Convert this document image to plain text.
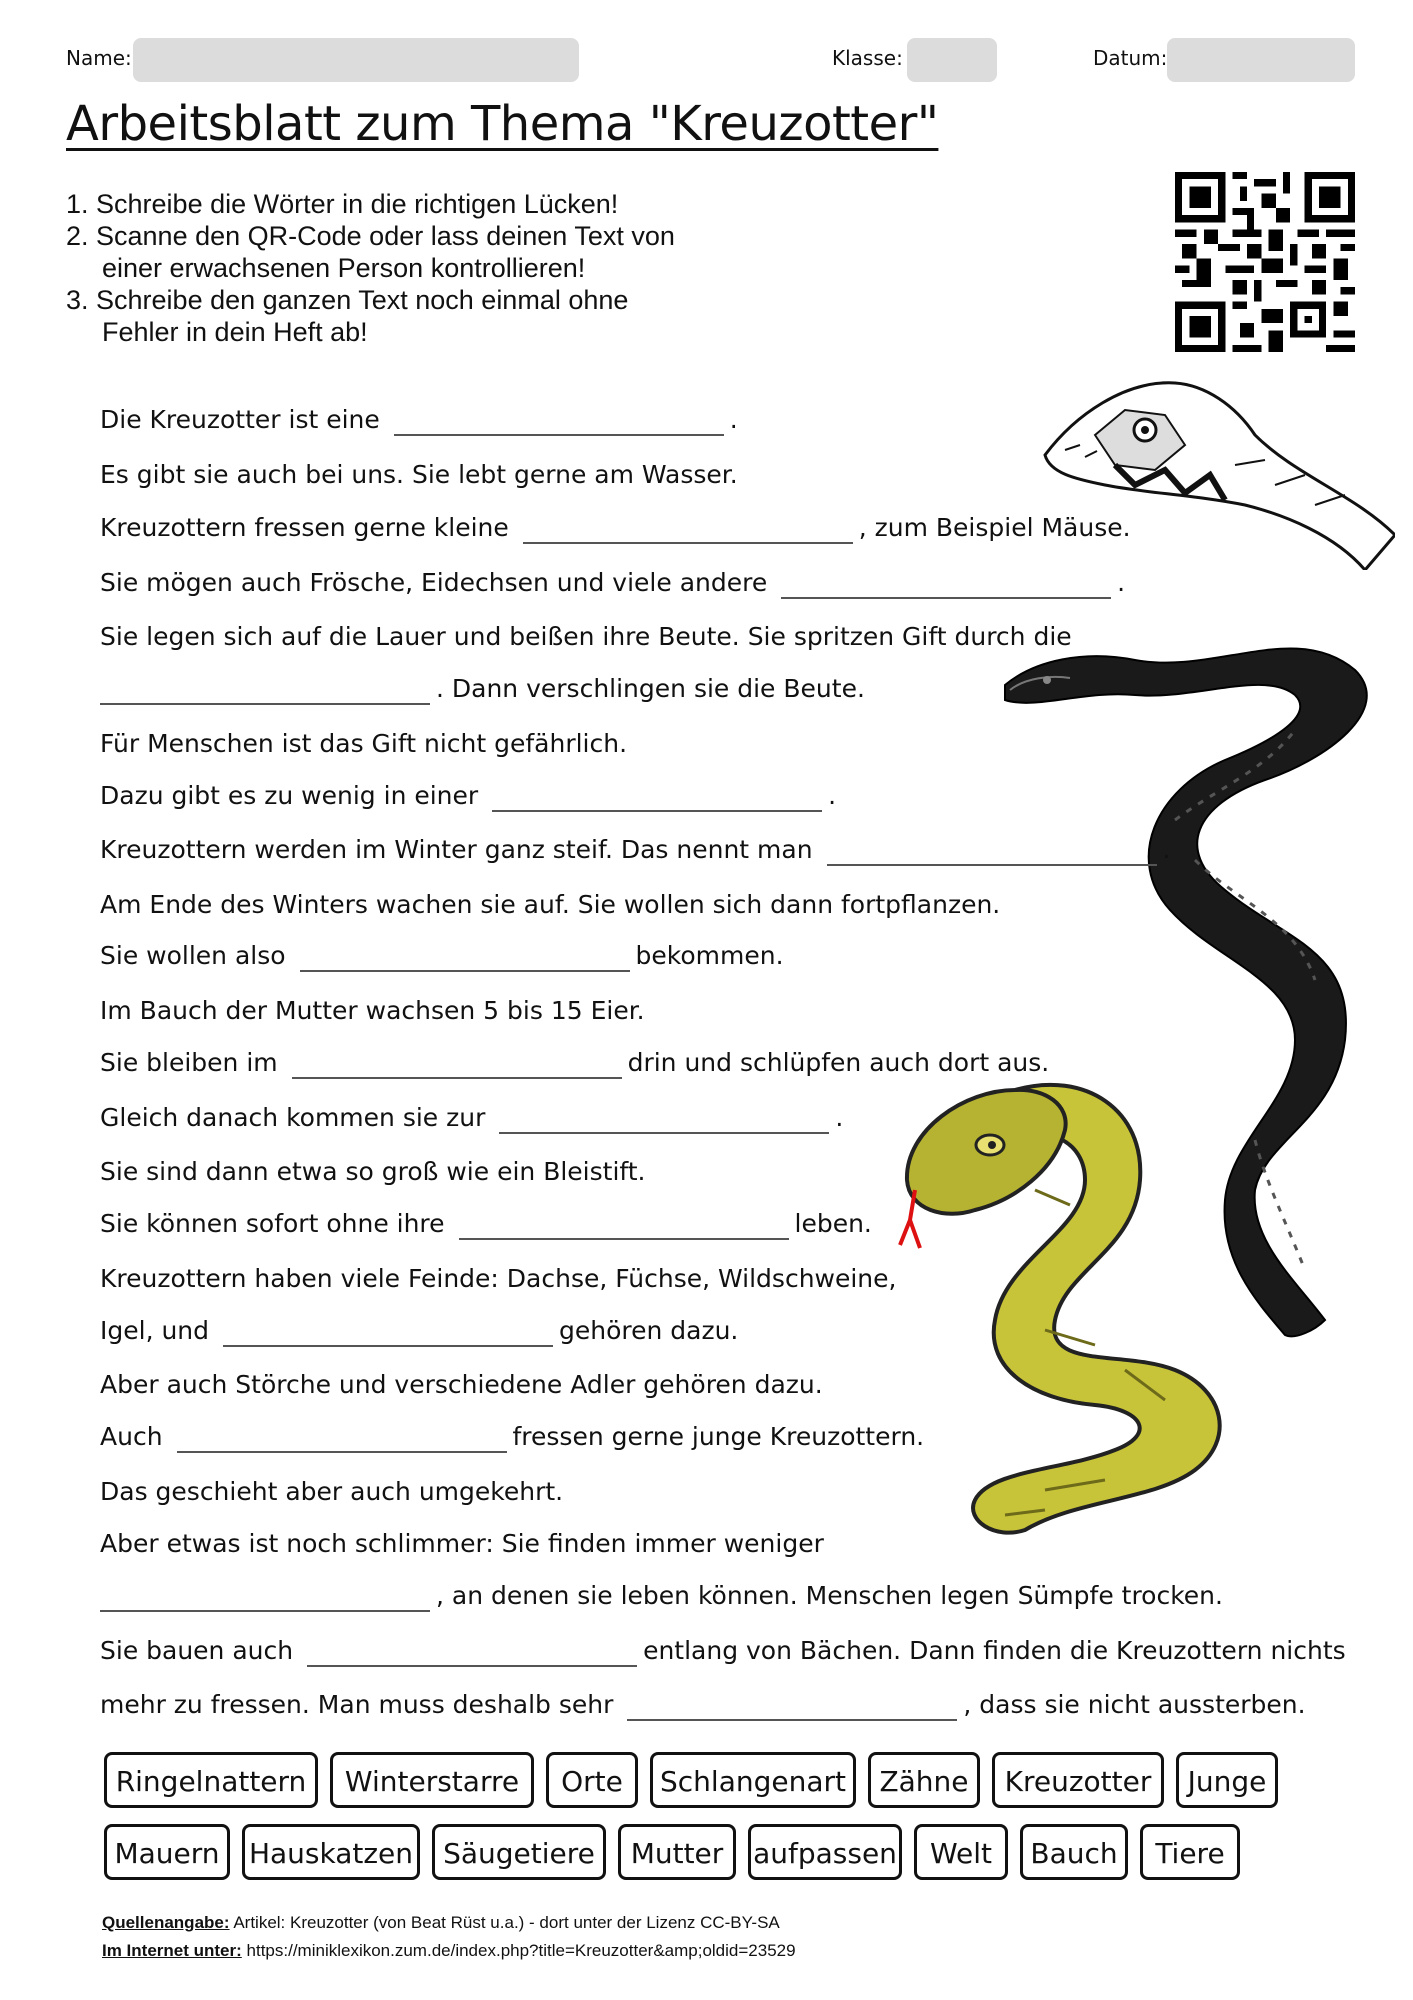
Name:	Klasse:	Datum:
Arbeitsblatt zum Thema "Kreuzotter"
1. Schreibe die Wörter in die richtigen Lücken!
2. Scanne den QR-Code oder lass deinen Text von einer erwachsenen Person kontrollieren!
3. Schreibe den ganzen Text noch einmal ohne Fehler in dein Heft ab!
Die Kreuzotter ist eine	.
Es gibt sie auch bei uns. Sie lebt gerne am Wasser.
Kreuzottern fressen gerne kleine	, zum Beispiel Mäuse.
Sie mögen auch Frösche, Eidechsen und viele andere	.
Sie legen sich auf die Lauer und beißen ihre Beute. Sie spritzen Gift durch die
. Dann verschlingen sie die Beute.
Für Menschen ist das Gift nicht gefährlich.
Dazu gibt es zu wenig in einer	.
Kreuzottern werden im Winter ganz steif. Das nennt man	.
Am Ende des Winters wachen sie auf. Sie wollen sich dann fortpflanzen.
Sie wollen also	bekommen.
Im Bauch der Mutter wachsen 5 bis 15 Eier.
Sie bleiben im	drin und schlüpfen auch dort aus.
Gleich danach kommen sie zur	.
Sie sind dann etwa so groß wie ein Bleistift.
Sie können sofort ohne ihre	leben.
Kreuzottern haben viele Feinde: Dachse, Füchse, Wildschweine,
Igel, und	gehören dazu.
Aber auch Störche und verschiedene Adler gehören dazu.
Auch	fressen gerne junge Kreuzottern.
Das geschieht aber auch umgekehrt.
Aber etwas ist noch schlimmer: Sie finden immer weniger
, an denen sie leben können. Menschen legen Sümpfe trocken.
Sie bauen auch	entlang von Bächen. Dann finden die Kreuzottern nichts
mehr zu fressen. Man muss deshalb sehr	, dass sie nicht aussterben.
Ringelnattern	Winterstarre	Orte	Schlangenart	Zähne	Kreuzotter	Junge
Mauern	Hauskatzen	Säugetiere	Mutter	aufpassen	Welt	Bauch	Tiere
Quellenangabe: Artikel: Kreuzotter (von Beat Rüst u.a.) - dort unter der Lizenz CC-BY-SA
Im Internet unter: https://miniklexikon.zum.de/index.php?title=Kreuzotter&amp;oldid=23529
